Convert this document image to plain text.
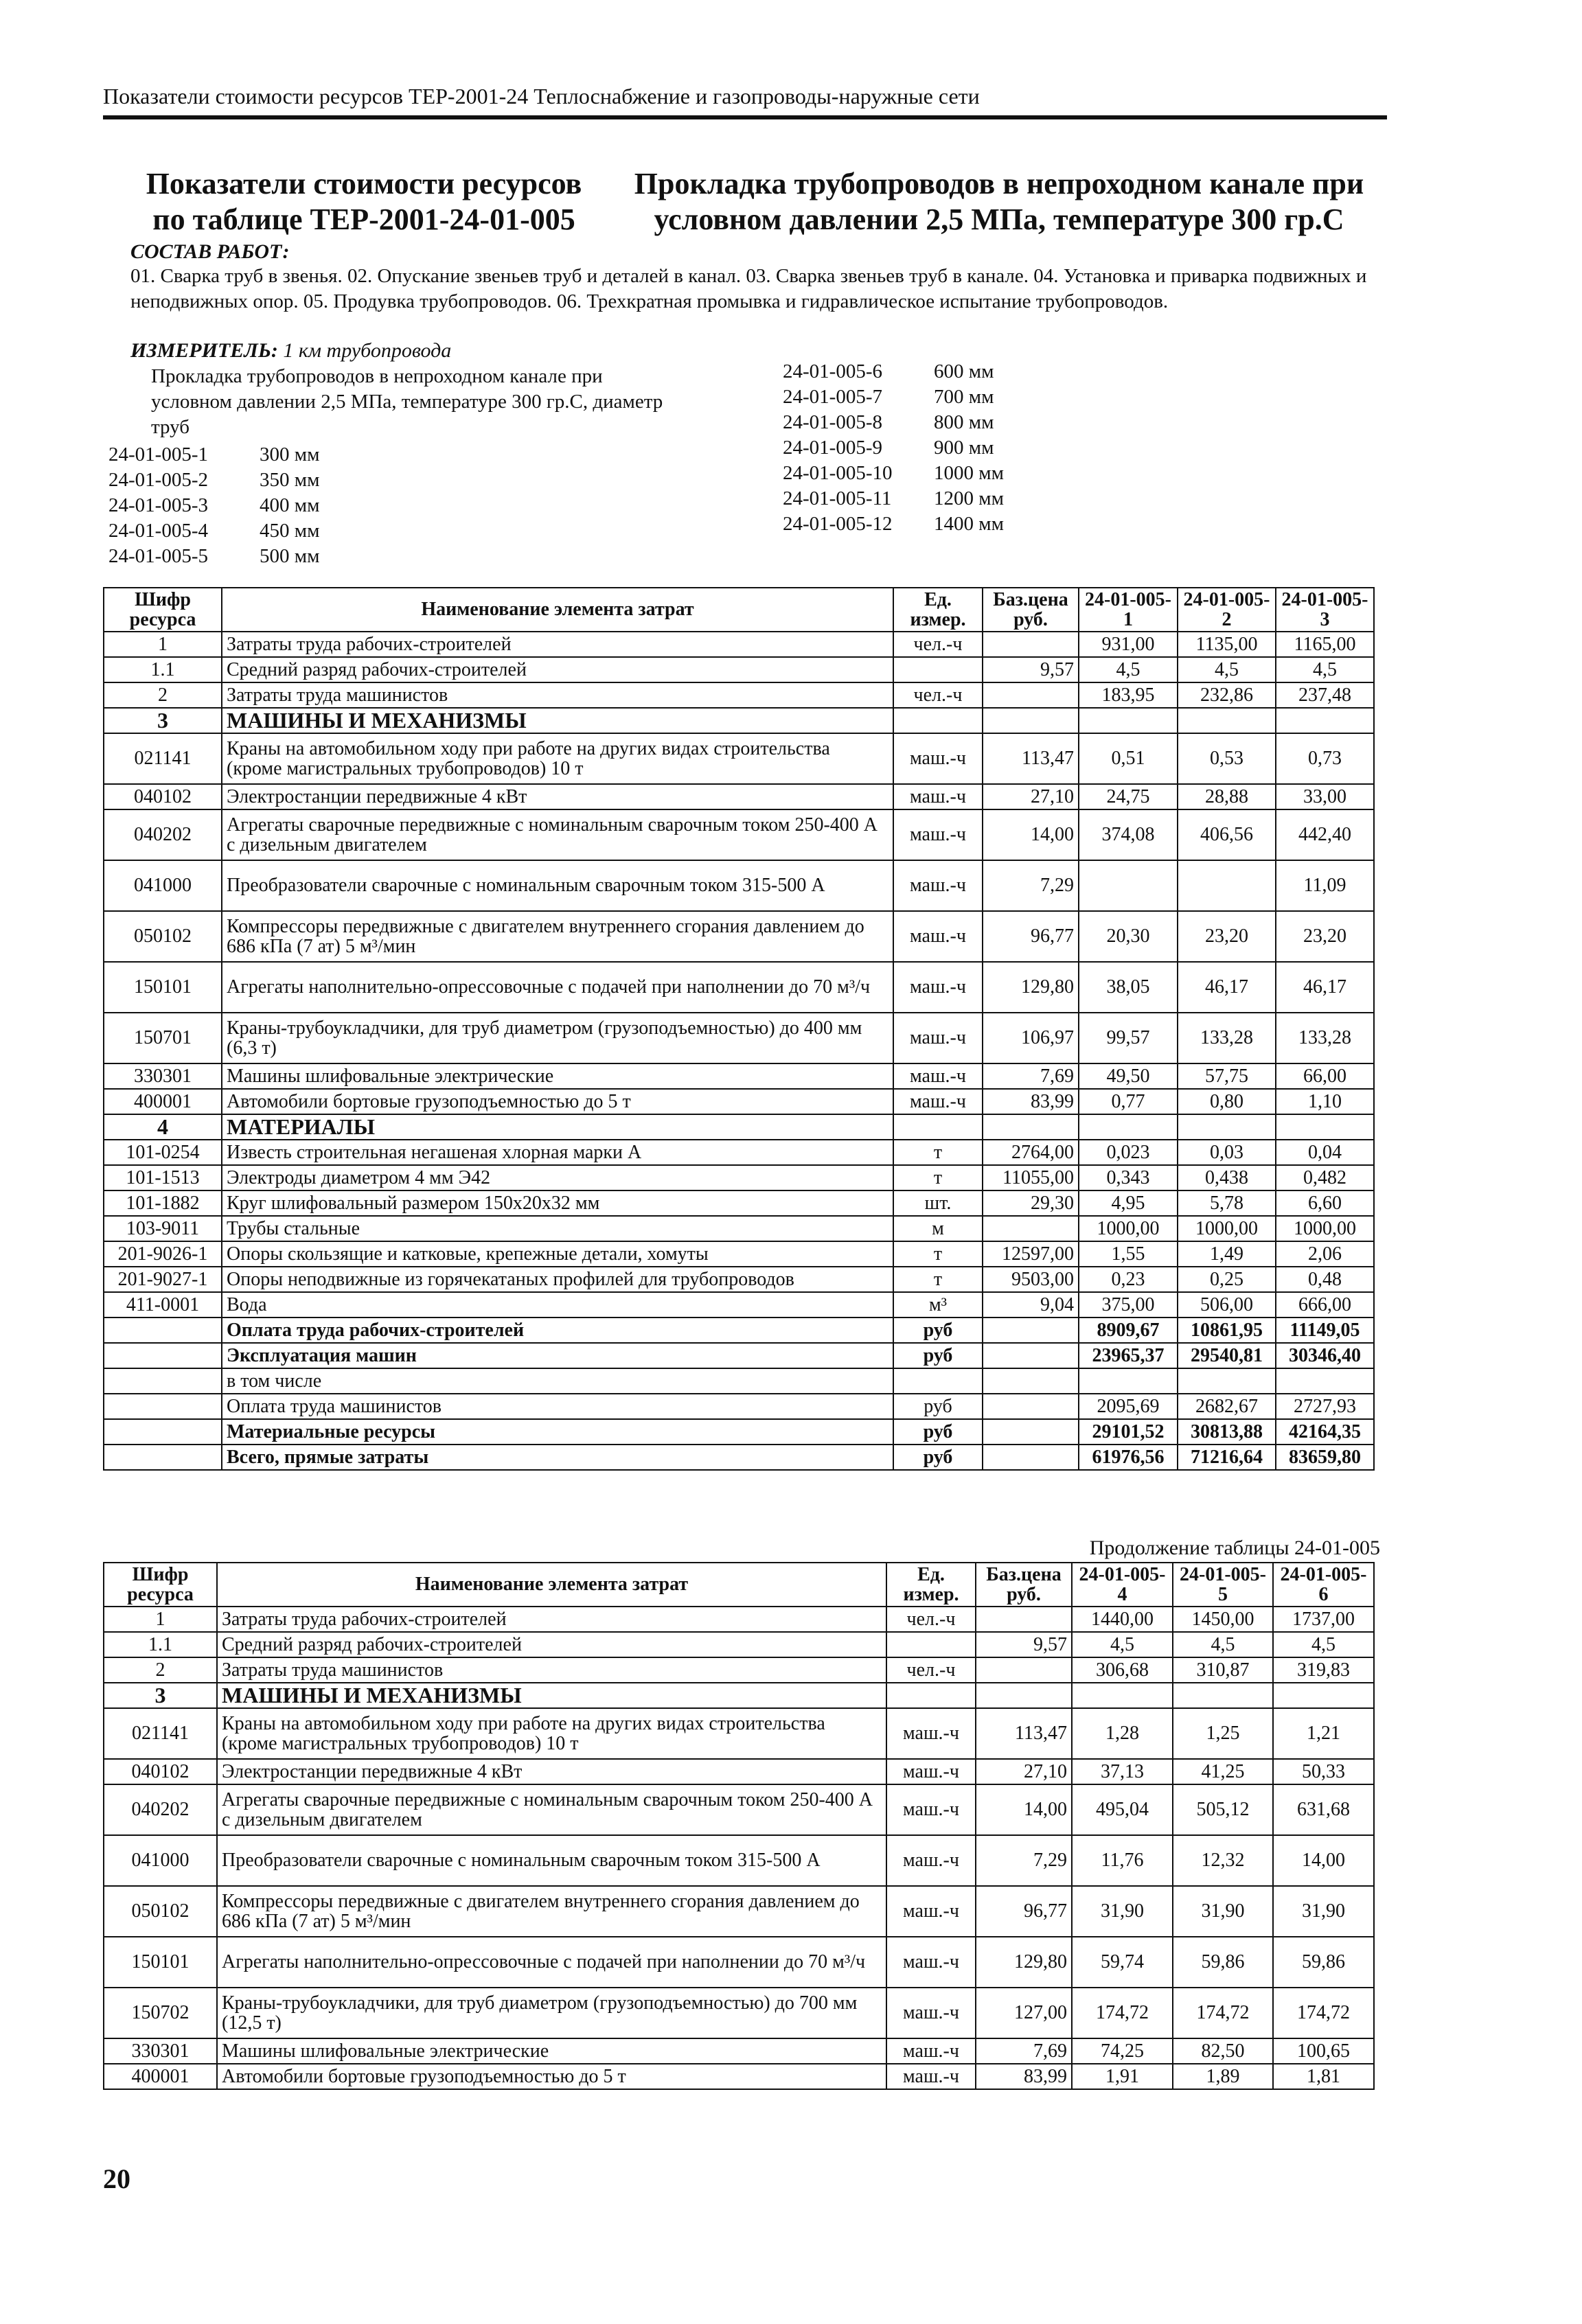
Показатели стоимости ресурсов ТЕР-2001-24 Теплоснабжение и газопроводы-наружные сети
Показатели стоимости ресурсов по таблице ТЕР-2001-24-01-005
Прокладка трубопроводов в непроходном канале при условном давлении 2,5 МПа, температуре 300 гр.С
СОСТАВ РАБОТ:
01. Сварка труб в звенья. 02. Опускание звеньев труб и деталей в канал. 03. Сварка звеньев труб в канале. 04. Установка и приварка подвижных и неподвижных опор. 05. Продувка трубопроводов. 06. Трехкратная промывка и гидравлическое испытание трубопроводов.
ИЗМЕРИТЕЛЬ: 1 км трубопровода
Прокладка трубопроводов в непроходном канале при условном давлении 2,5 МПа, температуре 300 гр.С, диаметр труб
24-01-005-1	300 мм
24-01-005-2	350 мм
24-01-005-3	400 мм
24-01-005-4	450 мм
24-01-005-5	500 мм
24-01-005-6	600 мм
24-01-005-7	700 мм
24-01-005-8	800 мм
24-01-005-9	900 мм
24-01-005-10	1000 мм
24-01-005-11	1200 мм
24-01-005-12	1400 мм
Шифр ресурса	Наименование элемента затрат	Ед. измер.	Баз.цена руб.	24-01-005-1	24-01-005-2	24-01-005-3
1	Затраты труда рабочих-строителей	чел.-ч		931,00	1135,00	1165,00
1.1	Средний разряд рабочих-строителей		9,57	4,5	4,5	4,5
2	Затраты труда машинистов	чел.-ч		183,95	232,86	237,48
3	МАШИНЫ И МЕХАНИЗМЫ					
021141	Краны на автомобильном ходу при работе на других видах строительства (кроме магистральных трубопроводов) 10 т	маш.-ч	113,47	0,51	0,53	0,73
040102	Электростанции передвижные 4 кВт	маш.-ч	27,10	24,75	28,88	33,00
040202	Агрегаты сварочные передвижные с номинальным сварочным током 250-400 А с дизельным двигателем	маш.-ч	14,00	374,08	406,56	442,40
041000	Преобразователи сварочные с номинальным сварочным током 315-500 А	маш.-ч	7,29			11,09
050102	Компрессоры передвижные с двигателем внутреннего сгорания давлением до 686 кПа (7 ат) 5 м³/мин	маш.-ч	96,77	20,30	23,20	23,20
150101	Агрегаты наполнительно-опрессовочные с подачей при наполнении до 70 м³/ч	маш.-ч	129,80	38,05	46,17	46,17
150701	Краны-трубоукладчики, для труб диаметром (грузоподъемностью) до 400 мм (6,3 т)	маш.-ч	106,97	99,57	133,28	133,28
330301	Машины шлифовальные электрические	маш.-ч	7,69	49,50	57,75	66,00
400001	Автомобили бортовые грузоподъемностью до 5 т	маш.-ч	83,99	0,77	0,80	1,10
4	МАТЕРИАЛЫ					
101-0254	Известь строительная негашеная хлорная марки А	т	2764,00	0,023	0,03	0,04
101-1513	Электроды диаметром 4 мм Э42	т	11055,00	0,343	0,438	0,482
101-1882	Круг шлифовальный размером 150х20х32 мм	шт.	29,30	4,95	5,78	6,60
103-9011	Трубы стальные	м		1000,00	1000,00	1000,00
201-9026-1	Опоры скользящие и катковые, крепежные детали, хомуты	т	12597,00	1,55	1,49	2,06
201-9027-1	Опоры неподвижные из горячекатаных профилей для трубопроводов	т	9503,00	0,23	0,25	0,48
411-0001	Вода	м³	9,04	375,00	506,00	666,00
	Оплата труда рабочих-строителей	руб		8909,67	10861,95	11149,05
	Эксплуатация машин	руб		23965,37	29540,81	30346,40
	в том числе					
	Оплата труда машинистов	руб		2095,69	2682,67	2727,93
	Материальные ресурсы	руб		29101,52	30813,88	42164,35
	Всего, прямые затраты	руб		61976,56	71216,64	83659,80
Продолжение таблицы 24-01-005
Шифр ресурса	Наименование элемента затрат	Ед. измер.	Баз.цена руб.	24-01-005-4	24-01-005-5	24-01-005-6
1	Затраты труда рабочих-строителей	чел.-ч		1440,00	1450,00	1737,00
1.1	Средний разряд рабочих-строителей		9,57	4,5	4,5	4,5
2	Затраты труда машинистов	чел.-ч		306,68	310,87	319,83
3	МАШИНЫ И МЕХАНИЗМЫ					
021141	Краны на автомобильном ходу при работе на других видах строительства (кроме магистральных трубопроводов) 10 т	маш.-ч	113,47	1,28	1,25	1,21
040102	Электростанции передвижные 4 кВт	маш.-ч	27,10	37,13	41,25	50,33
040202	Агрегаты сварочные передвижные с номинальным сварочным током 250-400 А с дизельным двигателем	маш.-ч	14,00	495,04	505,12	631,68
041000	Преобразователи сварочные с номинальным сварочным током 315-500 А	маш.-ч	7,29	11,76	12,32	14,00
050102	Компрессоры передвижные с двигателем внутреннего сгорания давлением до 686 кПа (7 ат) 5 м³/мин	маш.-ч	96,77	31,90	31,90	31,90
150101	Агрегаты наполнительно-опрессовочные с подачей при наполнении до 70 м³/ч	маш.-ч	129,80	59,74	59,86	59,86
150702	Краны-трубоукладчики, для труб диаметром (грузоподъемностью) до 700 мм (12,5 т)	маш.-ч	127,00	174,72	174,72	174,72
330301	Машины шлифовальные электрические	маш.-ч	7,69	74,25	82,50	100,65
400001	Автомобили бортовые грузоподъемностью до 5 т	маш.-ч	83,99	1,91	1,89	1,81
20
